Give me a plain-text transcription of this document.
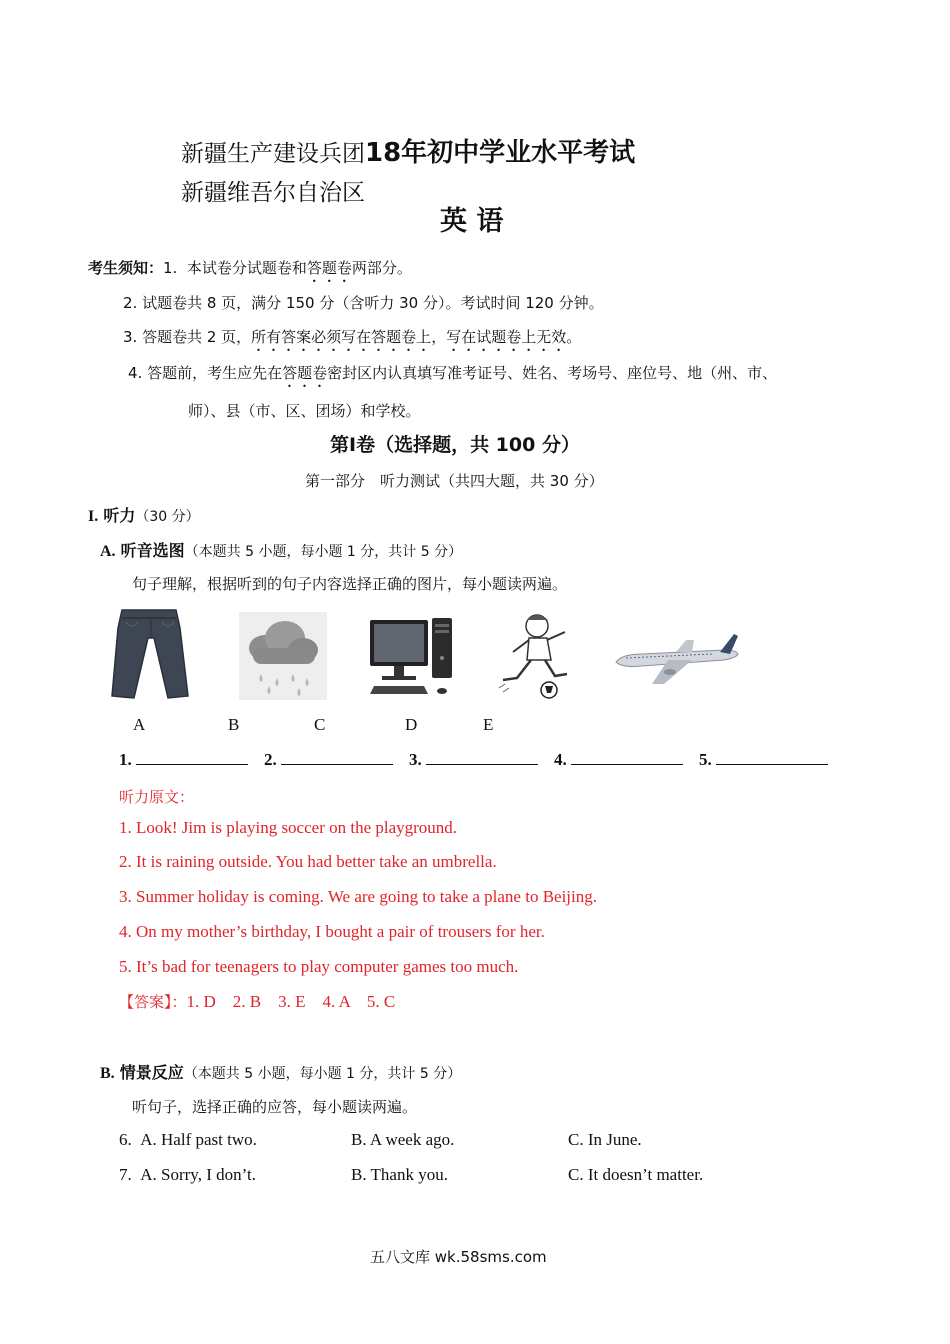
新疆生产建设兵团18年初中学业水平考试
新疆维吾尔自治区
英 语
考生须知：1. 本试卷分试题卷和答题卷两部分。
2. 试题卷共 8 页，满分 150 分（含听力 30 分）。考试时间 120 分钟。
3. 答题卷共 2 页，所有答案必须写在答题卷上，写在试题卷上无效。
4. 答题前，考生应先在答题卷密封区内认真填写准考证号、姓名、考场号、座位号、地（州、市、
师）、县（市、区、团场）和学校。
第Ⅰ卷（选择题，共 100 分）
第一部分　听力测试（共四大题，共 30 分）
I. 听力（30 分）
A. 听音选图（本题共 5 小题，每小题 1 分，共计 5 分）
句子理解，根据听到的句子内容选择正确的图片，每小题读两遍。
A	B	C	D	E
1.	2.	3.	4.	5.
听力原文：
1. Look! Jim is playing soccer on the playground.
2. It is raining outside. You had better take an umbrella.
3. Summer holiday is coming. We are going to take a plane to Beijing.
4. On my mother’s birthday, I bought a pair of trousers for her.
5. It’s bad for teenagers to play computer games too much.
【答案】：1. D    2. B    3. E    4. A    5. C
B. 情景反应（本题共 5 小题，每小题 1 分，共计 5 分）
听句子，选择正确的应答，每小题读两遍。
6. A. Half past two.	B. A week ago.	C. In June.
7. A. Sorry, I don’t.	B. Thank you.	C. It doesn’t matter.
五八文库 wk.58sms.com
